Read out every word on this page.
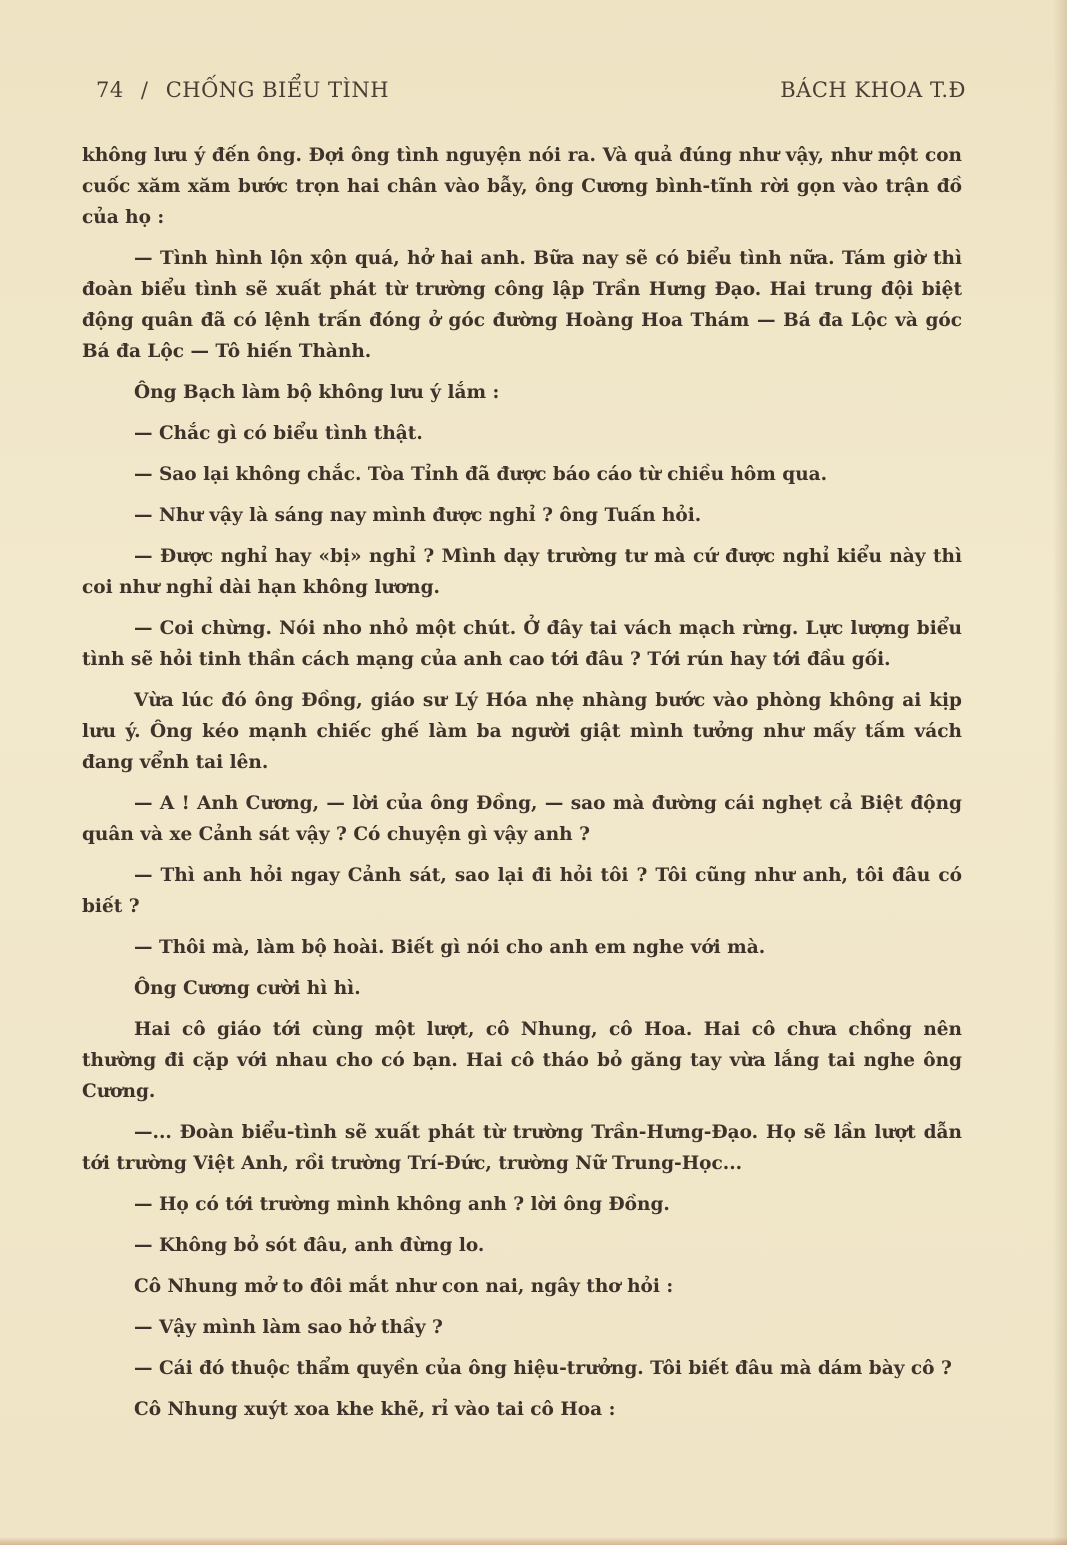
74 / CHỐNG BIỂU TÌNH	BÁCH KHOA T.Đ

không lưu ý đến ông. Đợi ông tình nguyện nói ra. Và quả đúng như vậy, như một con cuốc xăm xăm bước trọn hai chân vào bẫy, ông Cương bình-tĩnh rời gọn vào trận đồ của họ :

— Tình hình lộn xộn quá, hở hai anh. Bữa nay sẽ có biểu tình nữa. Tám giờ thì đoàn biểu tình sẽ xuất phát từ trường công lập Trần Hưng Đạo. Hai trung đội biệt động quân đã có lệnh trấn đóng ở góc đường Hoàng Hoa Thám — Bá đa Lộc và góc Bá đa Lộc — Tô hiến Thành.

Ông Bạch làm bộ không lưu ý lắm :

— Chắc gì có biểu tình thật.

— Sao lại không chắc. Tòa Tỉnh đã được báo cáo từ chiều hôm qua.

— Như vậy là sáng nay mình được nghỉ ? ông Tuấn hỏi.

— Được nghỉ hay «bị» nghỉ ? Mình dạy trường tư mà cứ được nghỉ kiểu này thì coi như nghỉ dài hạn không lương.

— Coi chừng. Nói nho nhỏ một chút. Ở đây tai vách mạch rừng. Lực lượng biểu tình sẽ hỏi tinh thần cách mạng của anh cao tới đâu ? Tới rún hay tới đầu gối.

Vừa lúc đó ông Đồng, giáo sư Lý Hóa nhẹ nhàng bước vào phòng không ai kịp lưu ý. Ông kéo mạnh chiếc ghế làm ba người giật mình tưởng như mấy tấm vách đang vểnh tai lên.

— A ! Anh Cương, — lời của ông Đồng, — sao mà đường cái nghẹt cả Biệt động quân và xe Cảnh sát vậy ? Có chuyện gì vậy anh ?

— Thì anh hỏi ngay Cảnh sát, sao lại đi hỏi tôi ? Tôi cũng như anh, tôi đâu có biết ?

— Thôi mà, làm bộ hoài. Biết gì nói cho anh em nghe với mà.

Ông Cương cười hì hì.

Hai cô giáo tới cùng một lượt, cô Nhung, cô Hoa. Hai cô chưa chồng nên thường đi cặp với nhau cho có bạn. Hai cô tháo bỏ găng tay vừa lắng tai nghe ông Cương.

—... Đoàn biểu-tình sẽ xuất phát từ trường Trần-Hưng-Đạo. Họ sẽ lần lượt dẫn tới trường Việt Anh, rồi trường Trí-Đức, trường Nữ Trung-Học...

— Họ có tới trường mình không anh ? lời ông Đồng.

— Không bỏ sót đâu, anh đừng lo.

Cô Nhung mở to đôi mắt như con nai, ngây thơ hỏi :

— Vậy mình làm sao hở thầy ?

— Cái đó thuộc thẩm quyền của ông hiệu-trưởng. Tôi biết đâu mà dám bày cô ?

Cô Nhung xuýt xoa khe khẽ, rỉ vào tai cô Hoa :
